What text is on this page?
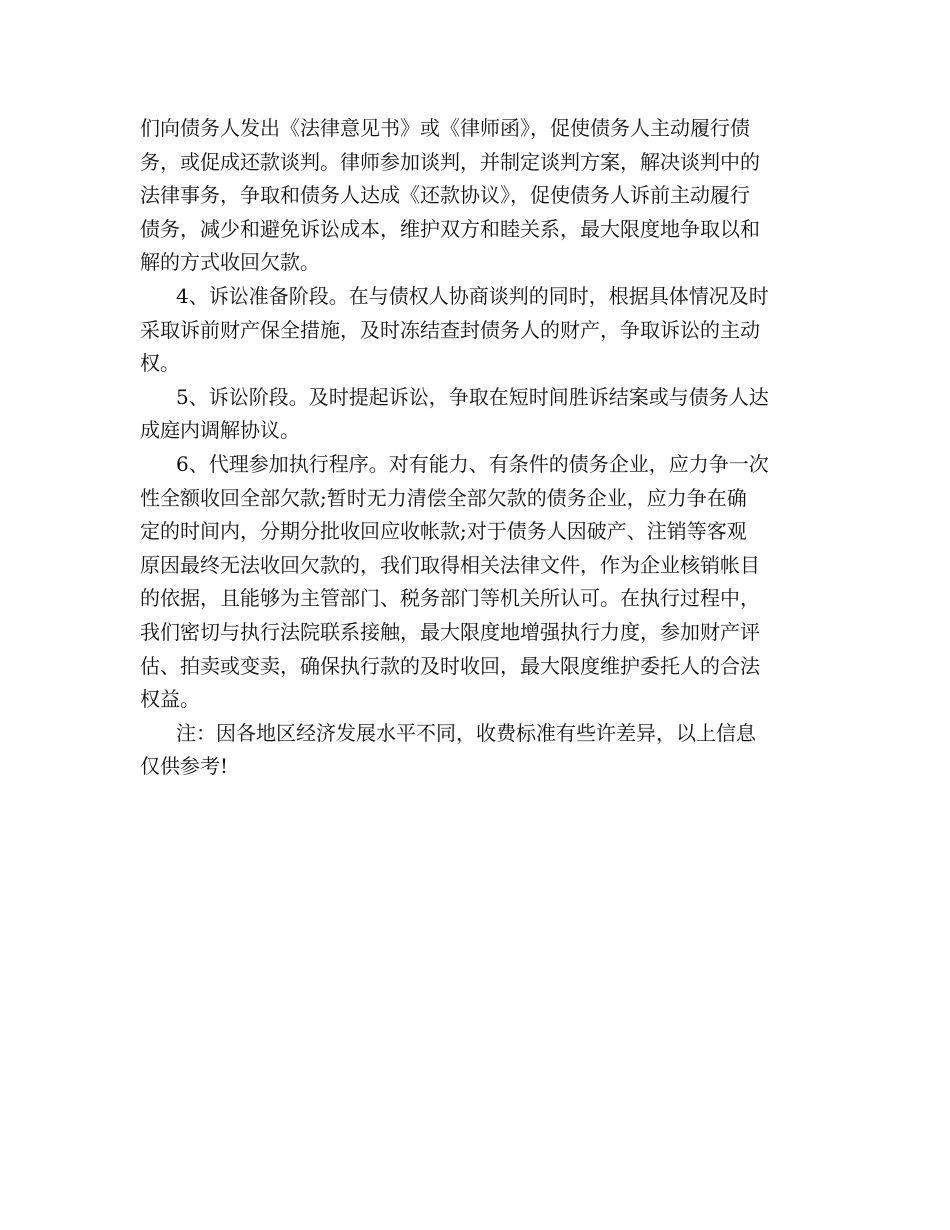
们向债务人发出《法律意见书》或《律师函》，促使债务人主动履行债
务，或促成还款谈判。律师参加谈判，并制定谈判方案，解决谈判中的
法律事务，争取和债务人达成《还款协议》，促使债务人诉前主动履行
债务，减少和避免诉讼成本，维护双方和睦关系，最大限度地争取以和
解的方式收回欠款。
4、诉讼准备阶段。在与债权人协商谈判的同时，根据具体情况及时
采取诉前财产保全措施，及时冻结查封债务人的财产，争取诉讼的主动
权。
5、诉讼阶段。及时提起诉讼，争取在短时间胜诉结案或与债务人达
成庭内调解协议。
6、代理参加执行程序。对有能力、有条件的债务企业，应力争一次
性全额收回全部欠款;暂时无力清偿全部欠款的债务企业，应力争在确
定的时间内，分期分批收回应收帐款;对于债务人因破产、注销等客观
原因最终无法收回欠款的，我们取得相关法律文件，作为企业核销帐目
的依据，且能够为主管部门、税务部门等机关所认可。在执行过程中，
我们密切与执行法院联系接触，最大限度地增强执行力度，参加财产评
估、拍卖或变卖，确保执行款的及时收回，最大限度维护委托人的合法
权益。
注：因各地区经济发展水平不同，收费标准有些许差异，以上信息
仅供参考!
